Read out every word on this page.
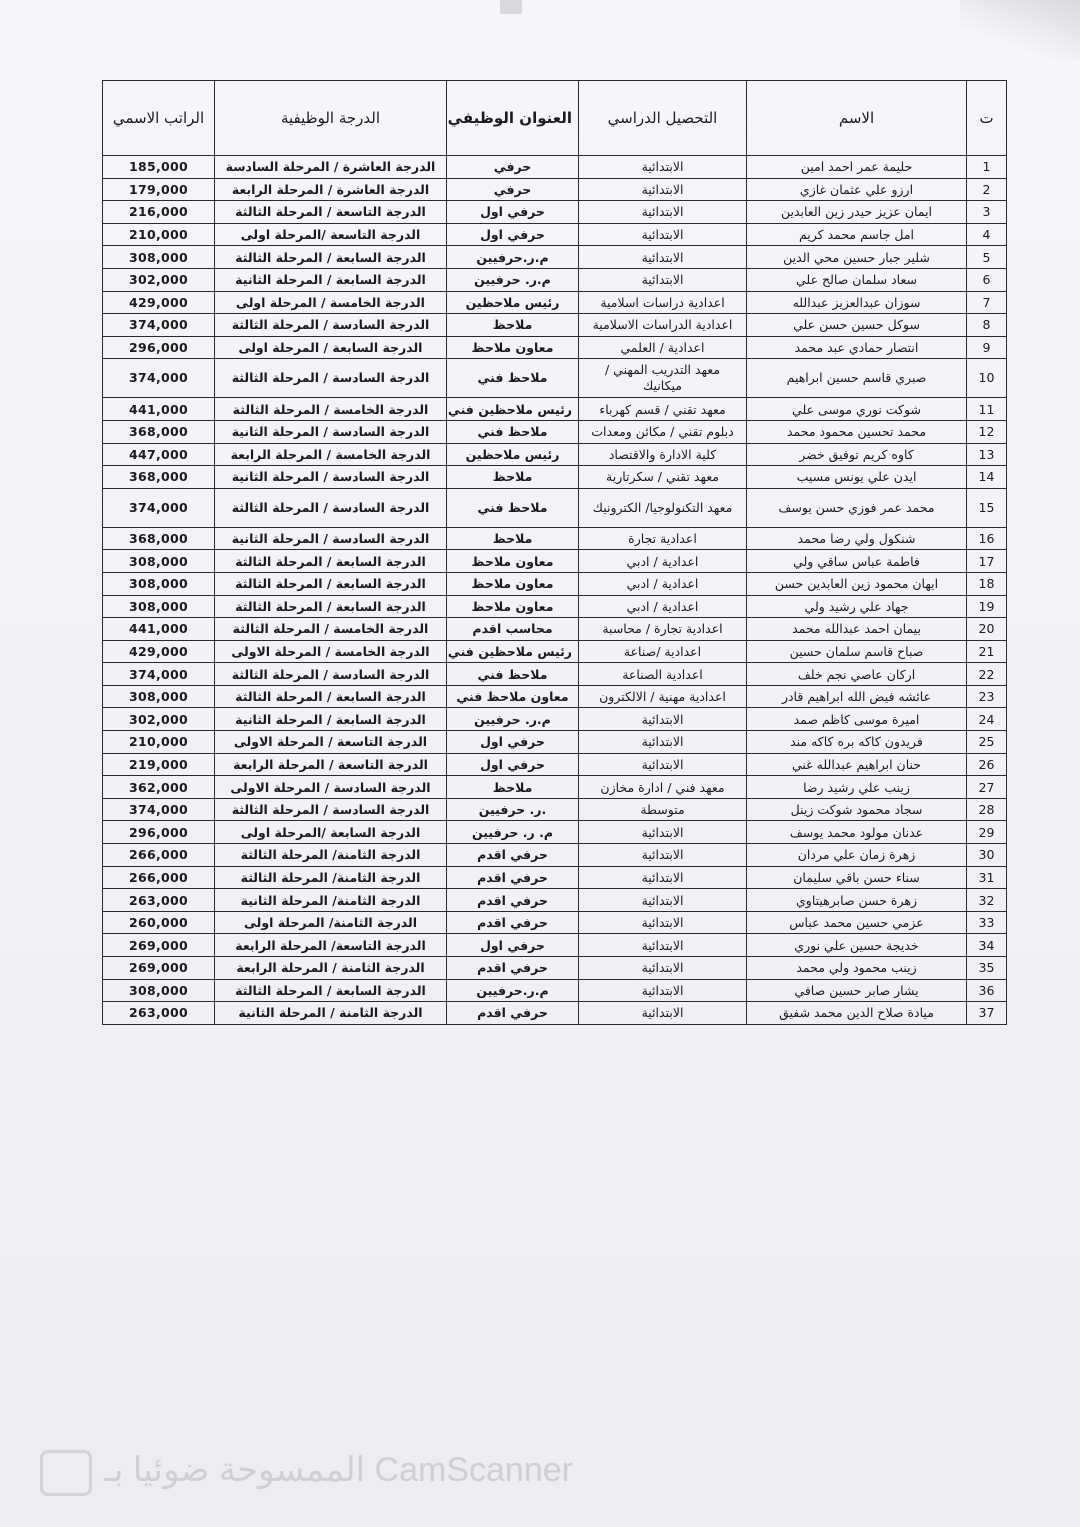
ت	الاسم	التحصيل الدراسي	العنوان الوظيفي	الدرجة الوظيفية	الراتب الاسمي
1	حليمة عمر احمد امين	الابتدائية	حرفي	الدرجة العاشرة / المرحلة السادسة	185,000
2	ارزو علي عثمان غازي	الابتدائية	حرفي	الدرجة العاشرة / المرحلة الرابعة	179,000
3	ايمان عزيز حيدر زين العابدين	الابتدائية	حرفي اول	الدرجة التاسعة / المرحلة الثالثة	216,000
4	امل جاسم محمد كريم	الابتدائية	حرفي اول	الدرجة التاسعة /المرحلة اولى	210,000
5	شلير جبار حسين محي الدين	الابتدائية	م.ر.حرفيين	الدرجة السابعة / المرحلة الثالثة	308,000
6	سعاد سلمان صالح علي	الابتدائية	م.ر. حرفيين	الدرجة السابعة / المرحلة الثانية	302,000
7	سوزان عبدالعزيز عبدالله	اعدادية دراسات اسلامية	رئيس ملاحظين	الدرجة الخامسة / المرحلة اولى	429,000
8	سوكل حسين حسن علي	اعدادية الدراسات الاسلامية	ملاحظ	الدرجة السادسة / المرحلة الثالثة	374,000
9	انتصار حمادي عبد محمد	اعدادية / العلمي	معاون ملاحظ	الدرجة السابعة / المرحلة اولى	296,000
10	صبري قاسم حسين ابراهيم	معهد التدريب المهني / ميكانيك	ملاحظ فني	الدرجة السادسة / المرحلة الثالثة	374,000
11	شوكت نوري موسى علي	معهد تقني / قسم كهرباء	رئيس ملاحظين فني	الدرجة الخامسة / المرحلة الثالثة	441,000
12	محمد تحسين محمود محمد	دبلوم تقني / مكائن ومعدات	ملاحظ فني	الدرجة السادسة / المرحلة الثانية	368,000
13	كاوه كريم توفيق خضر	كلية الادارة والاقتصاد	رئيس ملاحظين	الدرجة الخامسة / المرحلة الرابعة	447,000
14	ايدن علي يونس مسيب	معهد تقني / سكرتارية	ملاحظ	الدرجة السادسة / المرحلة الثانية	368,000
15	محمد عمر فوزي حسن يوسف	معهد التكنولوجيا/ الكترونيك	ملاحظ فني	الدرجة السادسة / المرحلة الثالثة	374,000
16	شنكول ولي رضا محمد	اعدادية تجارة	ملاحظ	الدرجة السادسة / المرحلة الثانية	368,000
17	فاطمة عباس ساقي ولي	اعدادية / ادبي	معاون ملاحظ	الدرجة السابعة / المرحلة الثالثة	308,000
18	ايهان محمود زين العابدين حسن	اعدادية / ادبي	معاون ملاحظ	الدرجة السابعة / المرحلة الثالثة	308,000
19	جهاد علي رشيد ولي	اعدادية / ادبي	معاون ملاحظ	الدرجة السابعة / المرحلة الثالثة	308,000
20	بيمان احمد عبدالله محمد	اعدادية تجارة / محاسبة	محاسب اقدم	الدرجة الخامسة / المرحلة الثالثة	441,000
21	صباح قاسم سلمان حسين	اعدادية /صناعة	رئيس ملاحظين فني	الدرجة الخامسة / المرحلة الاولى	429,000
22	اركان عاصي نجم خلف	اعدادية الصناعة	ملاحظ فني	الدرجة السادسة / المرحلة الثالثة	374,000
23	عائشه فيض الله ابراهيم قادر	اعدادية مهنية / الالكترون	معاون ملاحظ فني	الدرجة السابعة / المرحلة الثالثة	308,000
24	اميرة موسى كاظم صمد	الابتدائية	م.ر. حرفيين	الدرجة السابعة / المرحلة الثانية	302,000
25	فريدون كاكه بره كاكه مند	الابتدائية	حرفي اول	الدرجة التاسعة / المرحلة الاولى	210,000
26	حنان ابراهيم عبدالله غني	الابتدائية	حرفي اول	الدرجة التاسعة / المرحلة الرابعة	219,000
27	زينب علي رشيد رضا	معهد فني / ادارة مخازن	ملاحظ	الدرجة السادسة / المرحلة الاولى	362,000
28	سجاد محمود شوكت زينل	متوسطة	.ر. حرفيين	الدرجة السادسة / المرحلة الثالثة	374,000
29	عدنان مولود محمد يوسف	الابتدائية	م. ر. حرفيين	الدرجة السابعة /المرحلة اولى	296,000
30	زهرة زمان علي مردان	الابتدائية	حرفي اقدم	الدرجة الثامنة/ المرحلة الثالثة	266,000
31	سناء حسن باقي سليمان	الابتدائية	حرفي اقدم	الدرجة الثامنة/ المرحلة الثالثة	266,000
32	زهرة حسن صابرهيتاوي	الابتدائية	حرفي اقدم	الدرجة الثامنة/ المرحلة الثانية	263,000
33	عزمي حسين محمد عباس	الابتدائية	حرفي اقدم	الدرجة الثامنة/ المرحلة اولى	260,000
34	خديجة حسين علي نوري	الابتدائية	حرفي اول	الدرجة التاسعة/ المرحلة الرابعة	269,000
35	زينب محمود ولي محمد	الابتدائية	حرفي اقدم	الدرجة الثامنة / المرحلة الرابعة	269,000
36	يشار صابر حسين صافي	الابتدائية	م.ر.حرفيين	الدرجة السابعة / المرحلة الثالثة	308,000
37	ميادة صلاح الدين محمد شفيق	الابتدائية	حرفي اقدم	الدرجة الثامنة / المرحلة الثانية	263,000
الممسوحة ضوئيا بـ CamScanner
